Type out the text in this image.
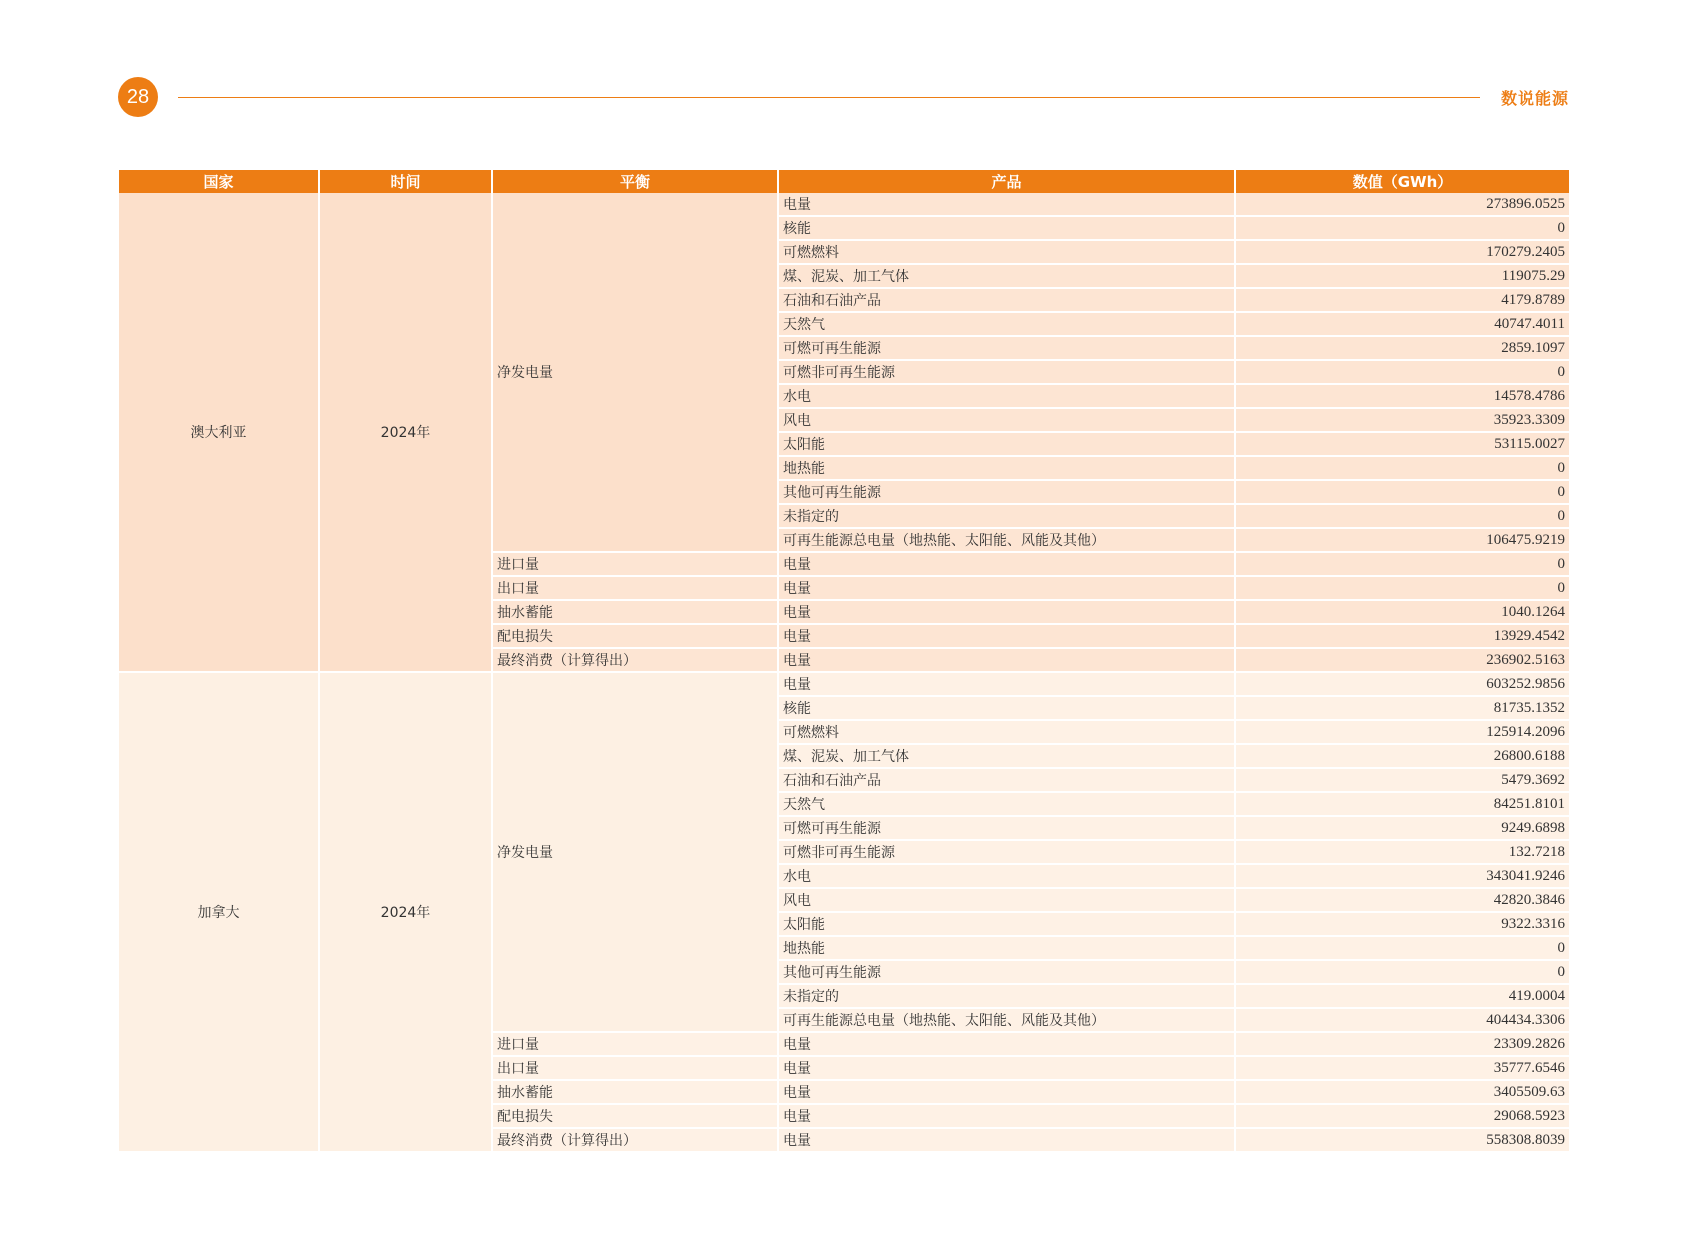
28	数说能源
国家	时间	平衡	产品	数值（GWh）
澳大利亚	2024年	净发电量	电量	273896.0525
			核能	0
			可燃燃料	170279.2405
			煤、泥炭、加工气体	119075.29
			石油和石油产品	4179.8789
			天然气	40747.4011
			可燃可再生能源	2859.1097
			可燃非可再生能源	0
			水电	14578.4786
			风电	35923.3309
			太阳能	53115.0027
			地热能	0
			其他可再生能源	0
			未指定的	0
			可再生能源总电量（地热能、太阳能、风能及其他）	106475.9219
		进口量	电量	0
		出口量	电量	0
		抽水蓄能	电量	1040.1264
		配电损失	电量	13929.4542
		最终消费（计算得出）	电量	236902.5163
加拿大	2024年	净发电量	电量	603252.9856
			核能	81735.1352
			可燃燃料	125914.2096
			煤、泥炭、加工气体	26800.6188
			石油和石油产品	5479.3692
			天然气	84251.8101
			可燃可再生能源	9249.6898
			可燃非可再生能源	132.7218
			水电	343041.9246
			风电	42820.3846
			太阳能	9322.3316
			地热能	0
			其他可再生能源	0
			未指定的	419.0004
			可再生能源总电量（地热能、太阳能、风能及其他）	404434.3306
		进口量	电量	23309.2826
		出口量	电量	35777.6546
		抽水蓄能	电量	3405509.63
		配电损失	电量	29068.5923
		最终消费（计算得出）	电量	558308.8039
